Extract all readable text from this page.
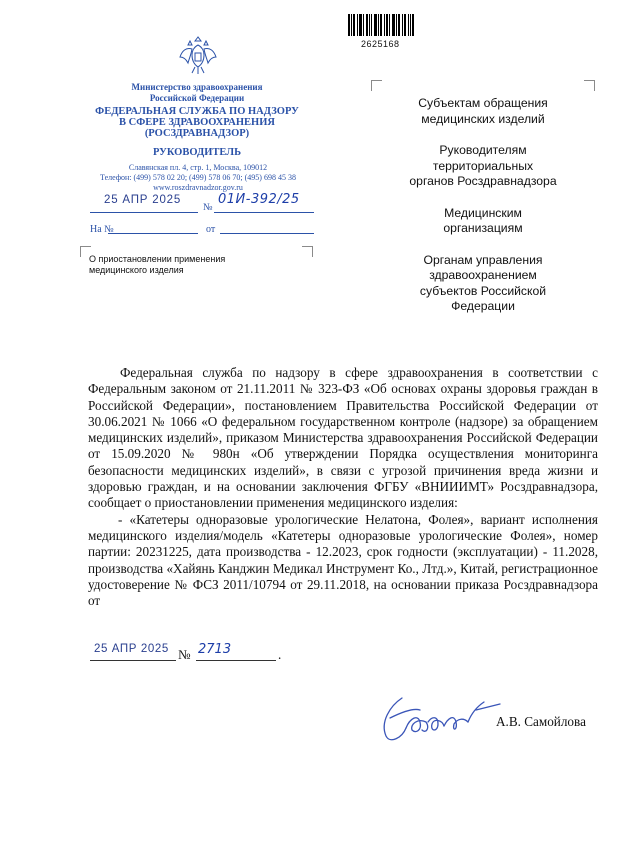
2625168
Министерство здравоохранения
Российской Федерации
ФЕДЕРАЛЬНАЯ СЛУЖБА ПО НАДЗОРУ
В СФЕРЕ ЗДРАВООХРАНЕНИЯ
(РОСЗДРАВНАДЗОР)
РУКОВОДИТЕЛЬ
Славянская пл. 4, стр. 1, Москва, 109012
Телефон: (499) 578 02 20; (499) 578 06 70; (495) 698 45 38
www.roszdravnadzor.gov.ru
25 АПР 2025
№
01И-392/25
На №	от
О приостановлении применения
медицинского изделия
Субъектам обращения
медицинских изделий
Руководителям
территориальных
органов Росздравнадзора
Медицинским
организациям
Органам управления
здравоохранением
субъектов Российской
Федерации

Федеральная служба по надзору в сфере здравоохранения в соответствии с Федеральным законом от 21.11.2011 № 323-ФЗ «Об основах охраны здоровья граждан в Российской Федерации», постановлением Правительства Российской Федерации от 30.06.2021 № 1066 «О федеральном государственном контроле (надзоре) за обращением медицинских изделий», приказом Министерства здравоохранения Российской Федерации от 15.09.2020 № 980н «Об утверждении Порядка осуществления мониторинга безопасности медицинских изделий», в связи с угрозой причинения вреда жизни и здоровью граждан, и на основании заключения ФГБУ «ВНИИИМТ» Росздравнадзора, сообщает о приостановлении применения медицинского изделия:

- «Катетеры одноразовые урологические Нелатона, Фолея», вариант исполнения медицинского изделия/модель «Катетеры одноразовые урологические Фолея», номер партии: 20231225, дата производства - 12.2023, срок годности (эксплуатации) - 11.2028, производства «Хайянь Канджин Медикал Инструмент Ко., Лтд.», Китай, регистрационное удостоверение № ФСЗ 2011/10794 от 29.11.2018, на основании приказа Росздравнадзора от

25 АПР 2025 № 2713	.
А.В. Самойлова
